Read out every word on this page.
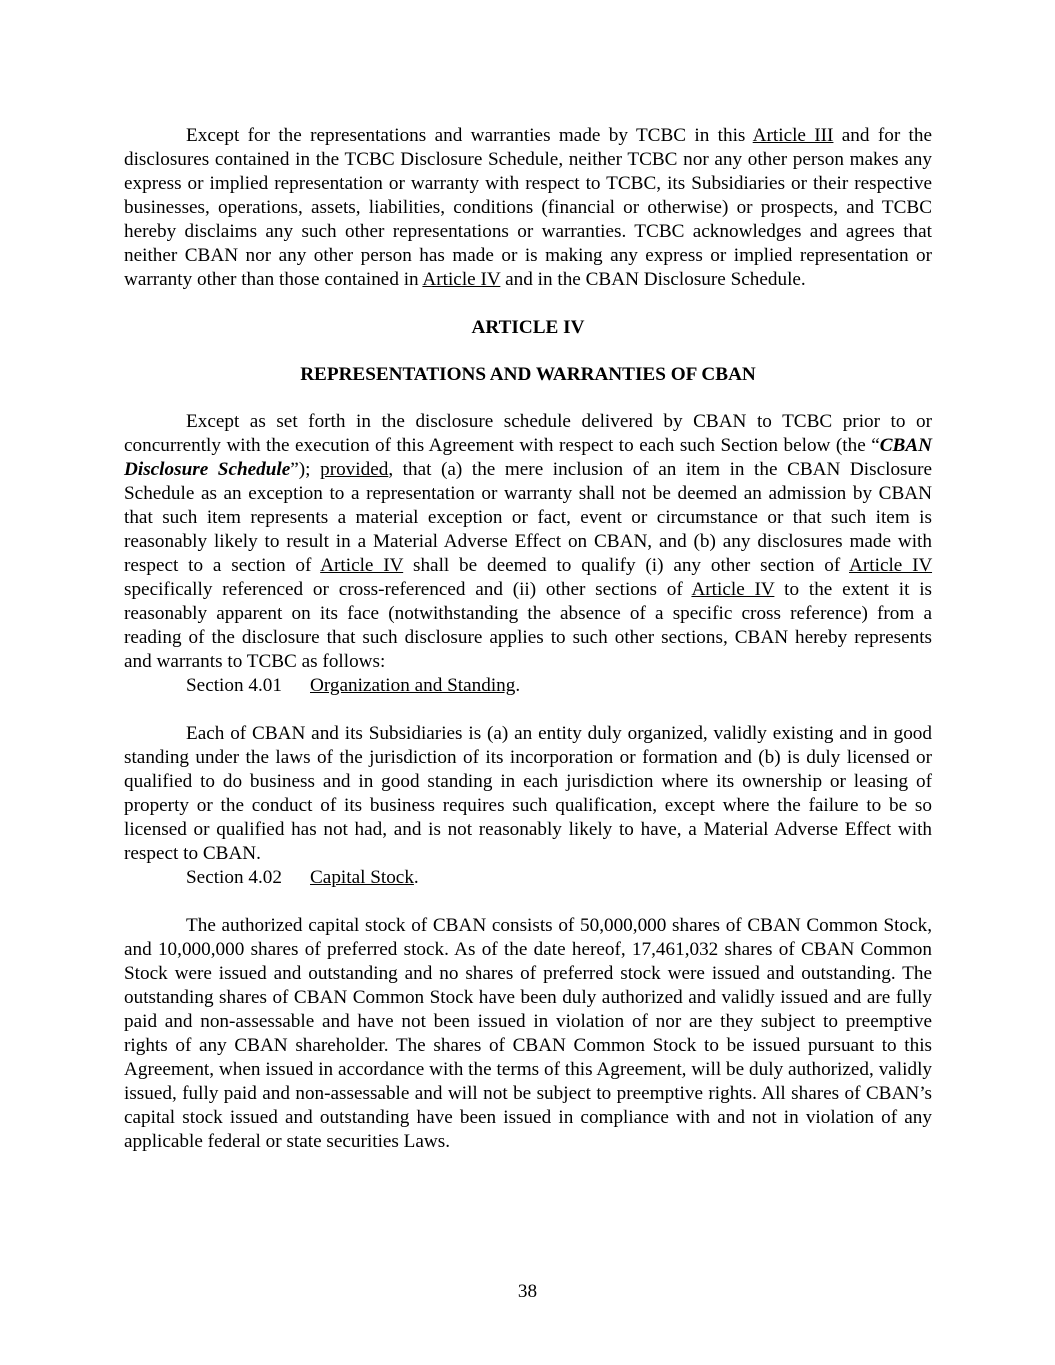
Except for the representations and warranties made by TCBC in this Article III and for the disclosures contained in the TCBC Disclosure Schedule, neither TCBC nor any other person makes any express or implied representation or warranty with respect to TCBC, its Subsidiaries or their respective businesses, operations, assets, liabilities, conditions (financial or otherwise) or prospects, and TCBC hereby disclaims any such other representations or warranties. TCBC acknowledges and agrees that neither CBAN nor any other person has made or is making any express or implied representation or warranty other than those contained in Article IV and in the CBAN Disclosure Schedule.

ARTICLE IV

REPRESENTATIONS AND WARRANTIES OF CBAN

Except as set forth in the disclosure schedule delivered by CBAN to TCBC prior to or concurrently with the execution of this Agreement with respect to each such Section below (the “CBAN Disclosure Schedule”); provided, that (a) the mere inclusion of an item in the CBAN Disclosure Schedule as an exception to a representation or warranty shall not be deemed an admission by CBAN that such item represents a material exception or fact, event or circumstance or that such item is reasonably likely to result in a Material Adverse Effect on CBAN, and (b) any disclosures made with respect to a section of Article IV shall be deemed to qualify (i) any other section of Article IV specifically referenced or cross-referenced and (ii) other sections of Article IV to the extent it is reasonably apparent on its face (notwithstanding the absence of a specific cross reference) from a reading of the disclosure that such disclosure applies to such other sections, CBAN hereby represents and warrants to TCBC as follows:

Section 4.01 Organization and Standing.

Each of CBAN and its Subsidiaries is (a) an entity duly organized, validly existing and in good standing under the laws of the jurisdiction of its incorporation or formation and (b) is duly licensed or qualified to do business and in good standing in each jurisdiction where its ownership or leasing of property or the conduct of its business requires such qualification, except where the failure to be so licensed or qualified has not had, and is not reasonably likely to have, a Material Adverse Effect with respect to CBAN.

Section 4.02 Capital Stock.

The authorized capital stock of CBAN consists of 50,000,000 shares of CBAN Common Stock, and 10,000,000 shares of preferred stock. As of the date hereof, 17,461,032 shares of CBAN Common Stock were issued and outstanding and no shares of preferred stock were issued and outstanding. The outstanding shares of CBAN Common Stock have been duly authorized and validly issued and are fully paid and non-assessable and have not been issued in violation of nor are they subject to preemptive rights of any CBAN shareholder. The shares of CBAN Common Stock to be issued pursuant to this Agreement, when issued in accordance with the terms of this Agreement, will be duly authorized, validly issued, fully paid and non-assessable and will not be subject to preemptive rights. All shares of CBAN’s capital stock issued and outstanding have been issued in compliance with and not in violation of any applicable federal or state securities Laws.

38
